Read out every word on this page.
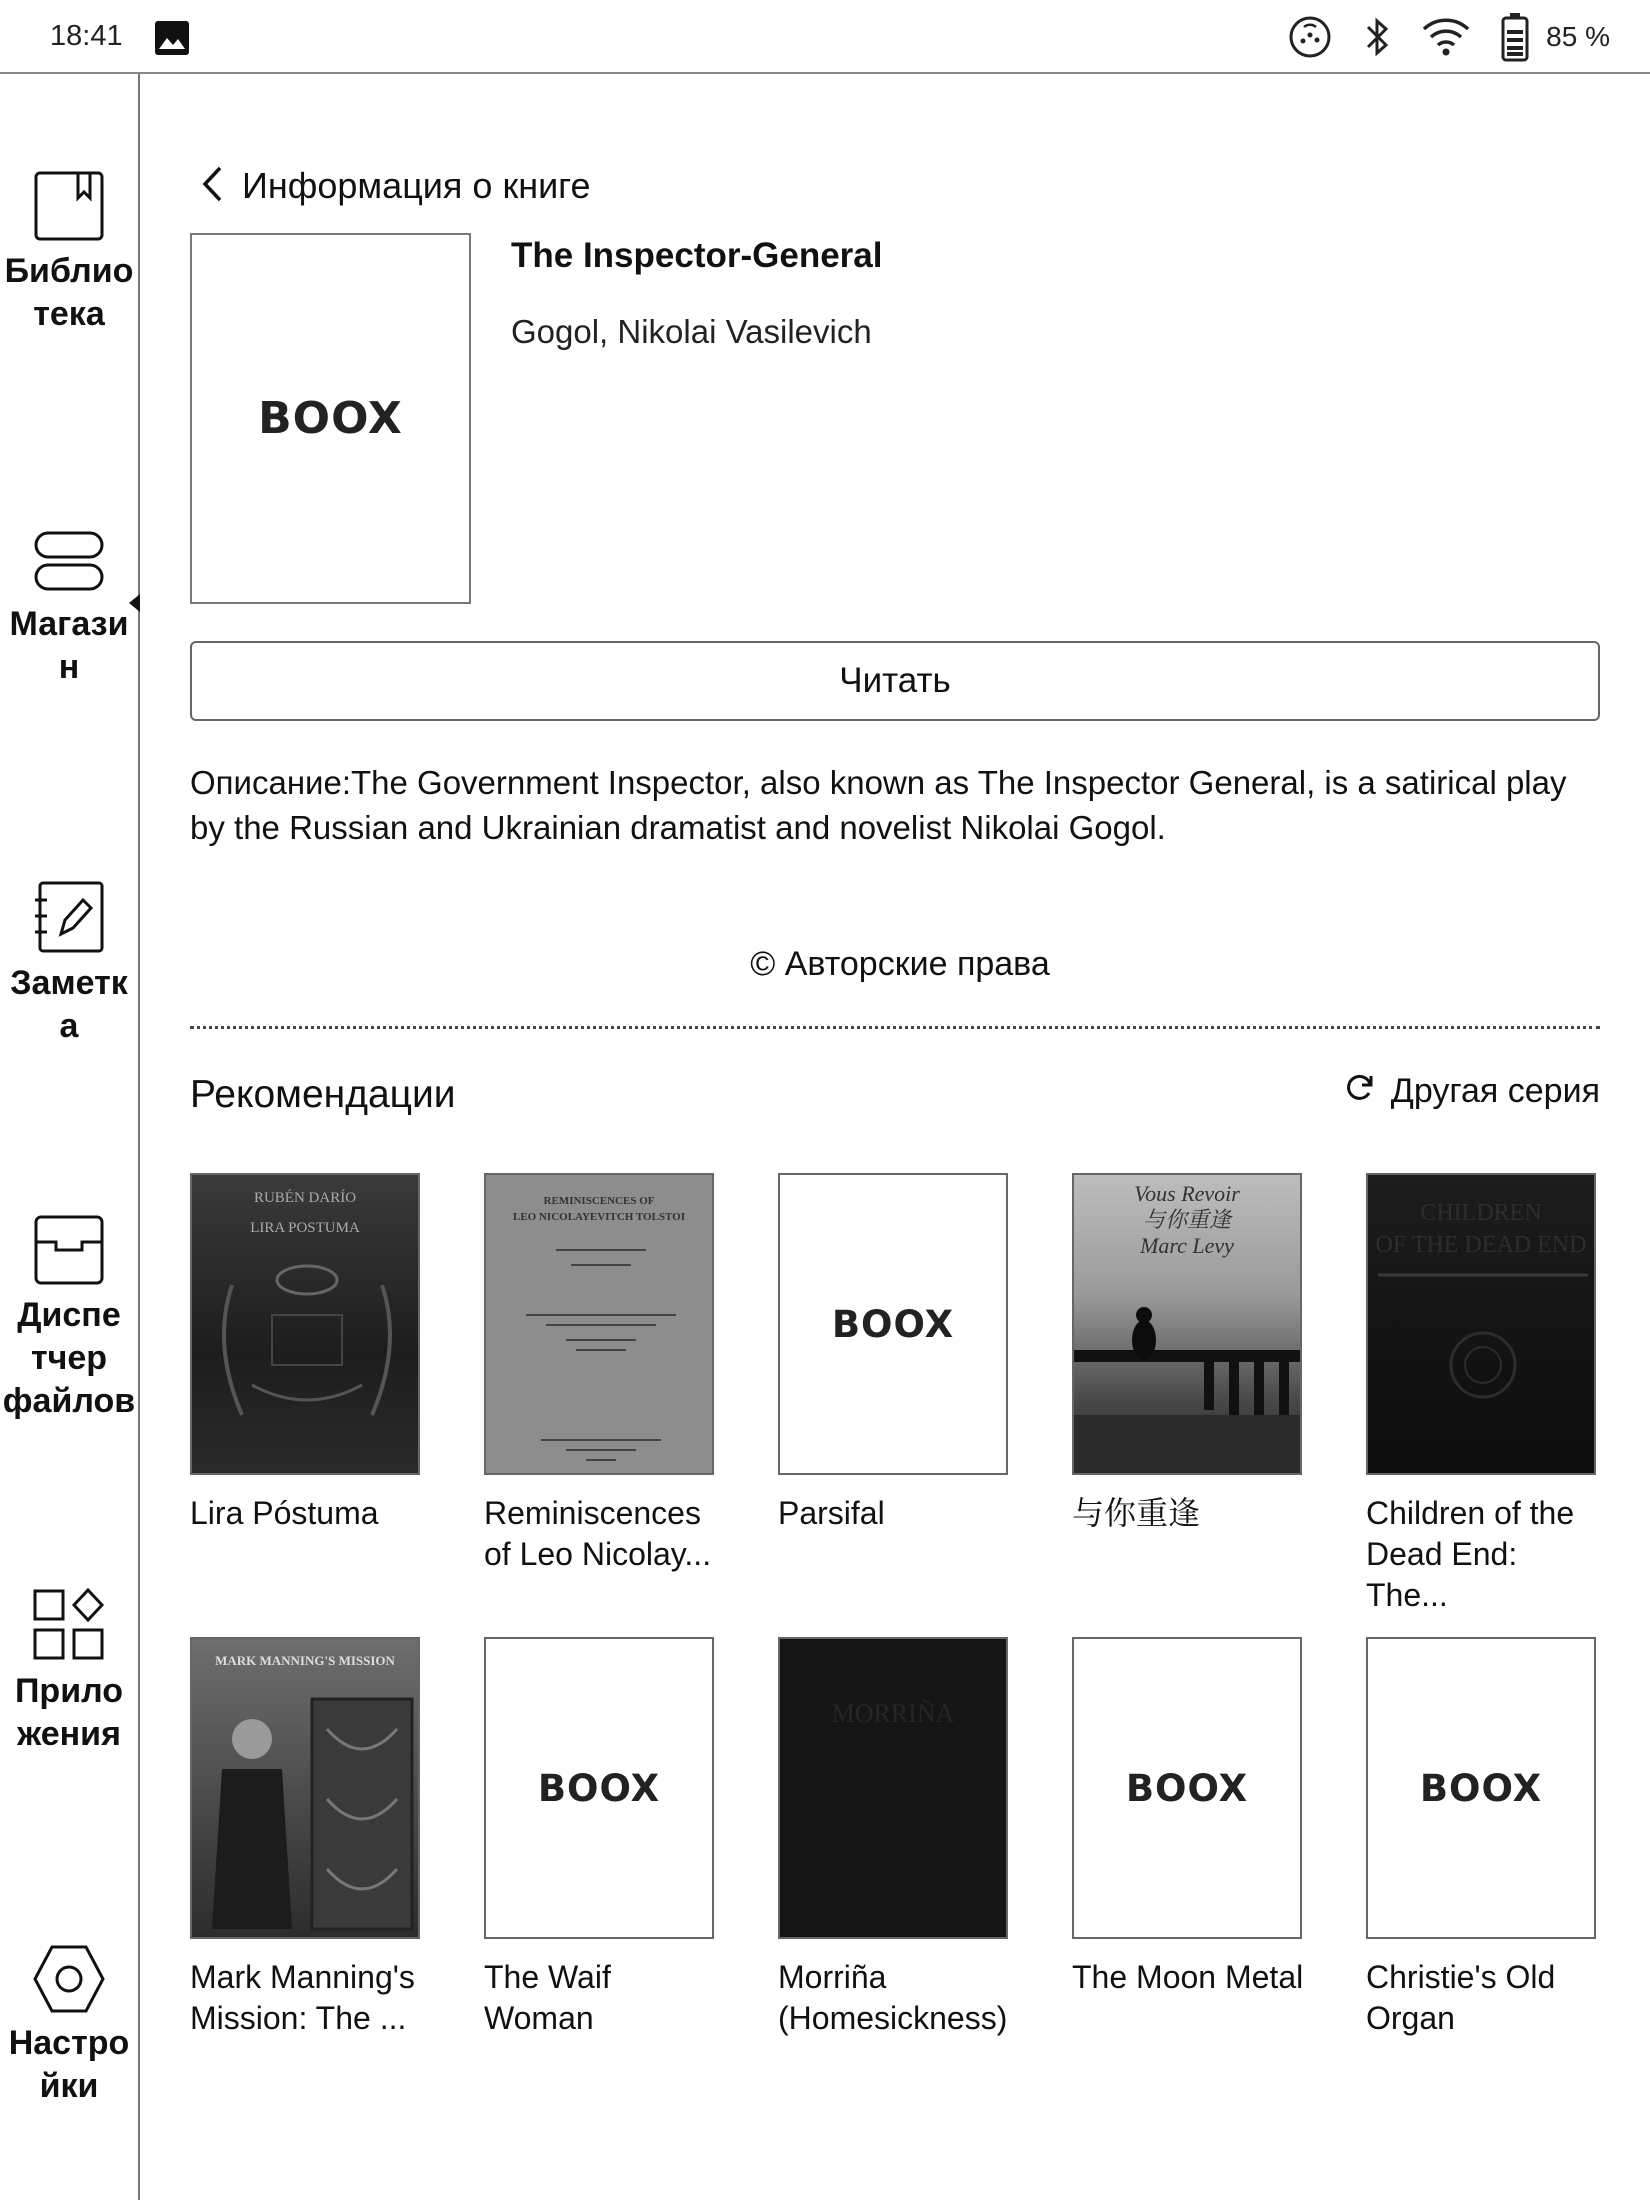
18:41	85 %
Библио
тека
Магази
н
Заметк
а
Диспе
тчер
файлов
Прило
жения
Настро
йки
Информация о книге
BOOX
The Inspector-General
Gogol, Nikolai Vasilevich
Читать
Описание:The Government Inspector, also known as The Inspector General, is a satirical play by the Russian and Ukrainian dramatist and novelist Nikolai Gogol.
© Авторские права
Рекомендации	Другая серия
RUBÉN DARÍO
LIRA POSTUMA
Lira Póstuma
REMINISCENCES OF
LEO NICOLAYEVITCH TOLSTOI
Reminiscences of Leo Nicolay...
BOOX
Parsifal
Vous Revoir
与你重逢
Marc Levy
与你重逢
CHILDREN
OF THE DEAD END
Children of the Dead End: The...
MARK MANNING'S MISSION
Mark Manning's Mission: The ...
BOOX
The Waif Woman
MORRIÑA
Morriña (Homesickness)
BOOX
The Moon Metal
BOOX
Christie's Old Organ
